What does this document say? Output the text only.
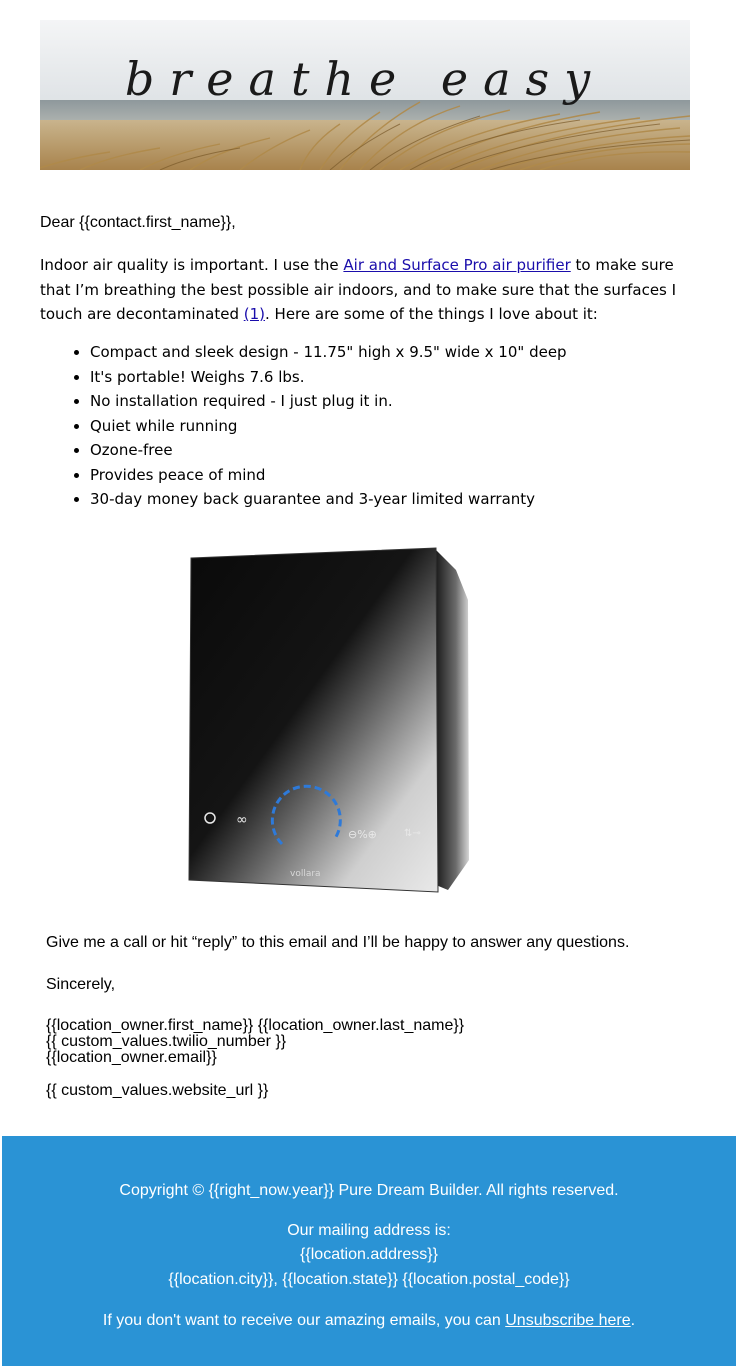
breathe easy
Dear {{contact.first_name}},

Indoor air quality is important. I use the Air and Surface Pro air purifier to make sure that I’m breathing the best possible air indoors, and to make sure that the surfaces I touch are decontaminated (1). Here are some of the things I love about it:

• Compact and sleek design - 11.75" high x 9.5" wide x 10" deep
• It's portable! Weighs 7.6 lbs.
• No installation required - I just plug it in.
• Quiet while running
• Ozone-free
• Provides peace of mind
• 30-day money back guarantee and 3-year limited warranty
∞
⊖%⊕	⇅⊸
vollara

Give me a call or hit “reply” to this email and I’ll be happy to answer any questions.

Sincerely,

{{location_owner.first_name}} {{location_owner.last_name}}

{{ custom_values.twilio_number }}

{{location_owner.email}}

{{ custom_values.website_url }}

Copyright © {{right_now.year}} Pure Dream Builder. All rights reserved.
Our mailing address is:
{{location.address}}
{{location.city}}, {{location.state}} {{location.postal_code}}
If you don't want to receive our amazing emails, you can Unsubscribe here.
